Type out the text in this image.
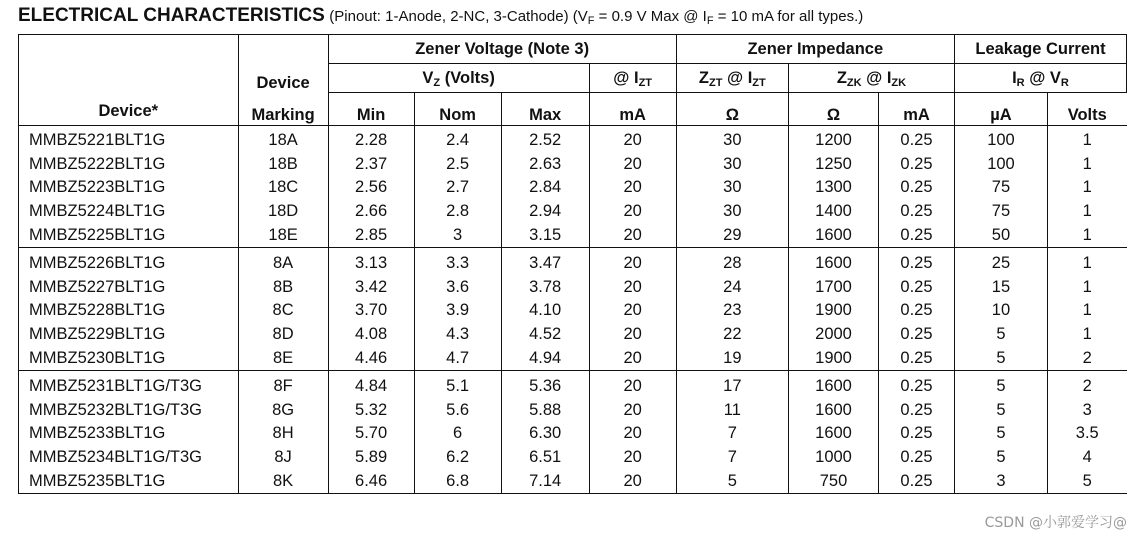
ELECTRICAL CHARACTERISTICS (Pinout: 1-Anode, 2-NC, 3-Cathode) ($V_F = 0.9$ V Max @ $I_F = 10$ mA for all types.)
		Zener Voltage (Note 3)				Zener Impedance			Leakage Current	
	Device	VZ (Volts)			@ IZT	ZZT @ IZT	ZZK @ IZK		IR @ VR	
Device*	Marking	Min	Nom	Max	mA	Ω	Ω	mA	µA	Volts
MMBZ5221BLT1G	18A	2.28	2.4	2.52	20	30	1200	0.25	100	1
MMBZ5222BLT1G	18B	2.37	2.5	2.63	20	30	1250	0.25	100	1
MMBZ5223BLT1G	18C	2.56	2.7	2.84	20	30	1300	0.25	75	1
MMBZ5224BLT1G	18D	2.66	2.8	2.94	20	30	1400	0.25	75	1
MMBZ5225BLT1G	18E	2.85	3	3.15	20	29	1600	0.25	50	1
MMBZ5226BLT1G	8A	3.13	3.3	3.47	20	28	1600	0.25	25	1
MMBZ5227BLT1G	8B	3.42	3.6	3.78	20	24	1700	0.25	15	1
MMBZ5228BLT1G	8C	3.70	3.9	4.10	20	23	1900	0.25	10	1
MMBZ5229BLT1G	8D	4.08	4.3	4.52	20	22	2000	0.25	5	1
MMBZ5230BLT1G	8E	4.46	4.7	4.94	20	19	1900	0.25	5	2
MMBZ5231BLT1G/T3G	8F	4.84	5.1	5.36	20	17	1600	0.25	5	2
MMBZ5232BLT1G/T3G	8G	5.32	5.6	5.88	20	11	1600	0.25	5	3
MMBZ5233BLT1G	8H	5.70	6	6.30	20	7	1600	0.25	5	3.5
MMBZ5234BLT1G/T3G	8J	5.89	6.2	6.51	20	7	1000	0.25	5	4
MMBZ5235BLT1G	8K	6.46	6.8	7.14	20	5	750	0.25	3	5
CSDN @小郭爱学习@
